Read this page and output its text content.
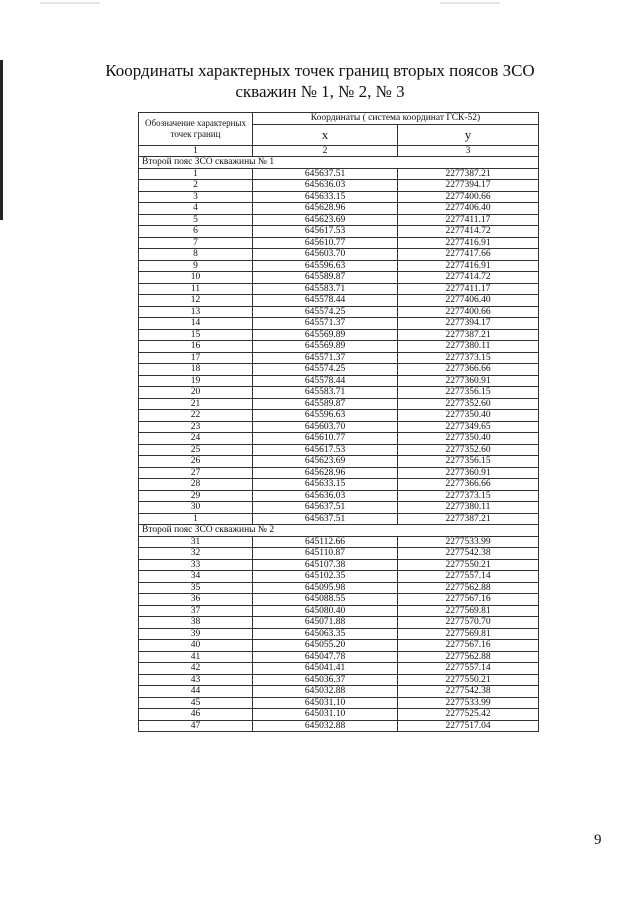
Координаты характерных точек границ вторых поясов ЗСО
скважин № 1, № 2, № 3
Обозначение характерных точек границ	Координаты ( система координат ГСК-52)	
	x	y
1	2	3
Второй пояс ЗСО скважины № 1		
1	645637.51	2277387.21
2	645636.03	2277394.17
3	645633.15	2277400.66
4	645628.96	2277406.40
5	645623.69	2277411.17
6	645617.53	2277414.72
7	645610.77	2277416.91
8	645603.70	2277417.66
9	645596.63	2277416.91
10	645589.87	2277414.72
11	645583.71	2277411.17
12	645578.44	2277406.40
13	645574.25	2277400.66
14	645571.37	2277394.17
15	645569.89	2277387.21
16	645569.89	2277380.11
17	645571.37	2277373.15
18	645574.25	2277366.66
19	645578.44	2277360.91
20	645583.71	2277356.15
21	645589.87	2277352.60
22	645596.63	2277350.40
23	645603.70	2277349.65
24	645610.77	2277350.40
25	645617.53	2277352.60
26	645623.69	2277356.15
27	645628.96	2277360.91
28	645633.15	2277366.66
29	645636.03	2277373.15
30	645637.51	2277380.11
1	645637.51	2277387.21
Второй пояс ЗСО скважины № 2		
31	645112.66	2277533.99
32	645110.87	2277542.38
33	645107.38	2277550.21
34	645102.35	2277557.14
35	645095.98	2277562.88
36	645088.55	2277567.16
37	645080.40	2277569.81
38	645071.88	2277570.70
39	645063.35	2277569.81
40	645055.20	2277567.16
41	645047.78	2277562.88
42	645041.41	2277557.14
43	645036.37	2277550.21
44	645032.88	2277542.38
45	645031.10	2277533.99
46	645031.10	2277525.42
47	645032.88	2277517.04
9
